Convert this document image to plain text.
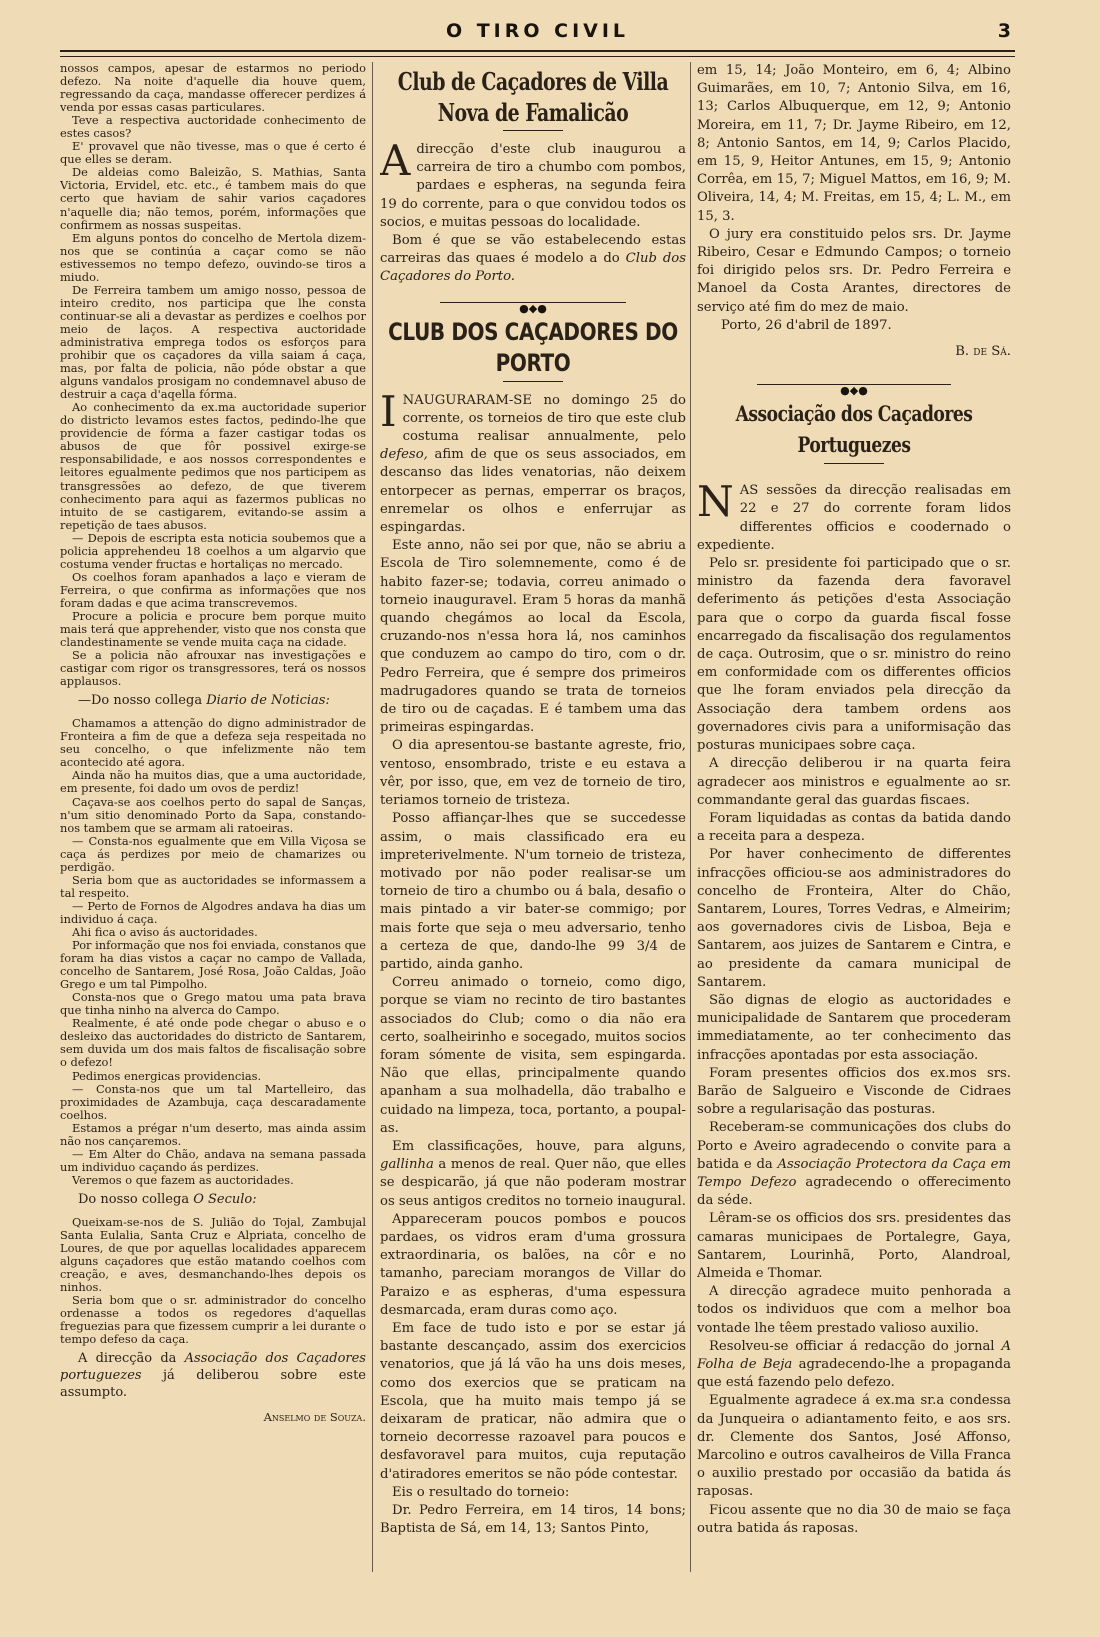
O TIRO CIVIL	3

nossos campos, apesar de estarmos no periodo defezo. Na noite d'aquelle dia houve quem, regressando da caça, mandasse offerecer perdizes á venda por essas casas particulares.

Teve a respectiva auctoridade conhecimento de estes casos?

E' provavel que não tivesse, mas o que é certo é que elles se deram.

De aldeias como Baleizão, S. Mathias, Santa Victoria, Ervidel, etc. etc., é tambem mais do que certo que haviam de sahir varios caçadores n'aquelle dia; não temos, porém, informações que confirmem as nossas suspeitas.

Em alguns pontos do concelho de Mertola dizem-nos que se continúa a caçar como se não estivessemos no tempo defezo, ouvindo-se tiros a miudo.

De Ferreira tambem um amigo nosso, pessoa de inteiro credito, nos participa que lhe consta continuar-se ali a devastar as perdizes e coelhos por meio de laços. A respectiva auctoridade administrativa emprega todos os esforços para prohibir que os caçadores da villa saiam á caça, mas, por falta de policia, não póde obstar a que alguns vandalos prosigam no condemnavel abuso de destruir a caça d'aqella fórma.

Ao conhecimento da ex.ma auctoridade superior do districto levamos estes factos, pedindo-lhe que providencie de fórma a fazer castigar todas os abusos de que fôr possivel exirge-se responsabilidade, e aos nossos correspondentes e leitores egualmente pedimos que nos participem as transgressões ao defezo, de que tiverem conhecimento para aqui as fazermos publicas no intuito de se castigarem, evitando-se assim a repetição de taes abusos.

— Depois de escripta esta noticia soubemos que a policia apprehendeu 18 coelhos a um algarvio que costuma vender fructas e hortaliças no mercado.

Os coelhos foram apanhados a laço e vieram de Ferreira, o que confirma as informações que nos foram dadas e que acima transcrevemos.

Procure a policia e procure bem porque muito mais terá que apprehender, visto que nos consta que clandestinamente se vende muita caça na cidade.

Se a policia não afrouxar nas investigações e castigar com rigor os transgressores, terá os nossos applausos.

—Do nosso collega Diario de Noticias:

Chamamos a attenção do digno administrador de Fronteira a fim de que a defeza seja respeitada no seu concelho, o que infelizmente não tem acontecido até agora.

Ainda não ha muitos dias, que a uma auctoridade, em presente, foi dado um ovos de perdiz!

Caçava-se aos coelhos perto do sapal de Sanças, n'um sitio denominado Porto da Sapa, constando-nos tambem que se armam ali ratoeiras.

— Consta-nos egualmente que em Villa Viçosa se caça ás perdizes por meio de chamarizes ou perdigão.

Seria bom que as auctoridades se informassem a tal respeito.

— Perto de Fornos de Algodres andava ha dias um individuo á caça.

Ahi fica o aviso ás auctoridades.

Por informação que nos foi enviada, constanos que foram ha dias vistos a caçar no campo de Vallada, concelho de Santarem, José Rosa, João Caldas, João Grego e um tal Pimpolho.

Consta-nos que o Grego matou uma pata brava que tinha ninho na alverca do Campo.

Realmente, é até onde pode chegar o abuso e o desleixo das auctoridades do districto de Santarem, sem duvida um dos mais faltos de fiscalisação sobre o defezo!

Pedimos energicas providencias.

— Consta-nos que um tal Martelleiro, das proximidades de Azambuja, caça descaradamente coelhos.

Estamos a prégar n'um deserto, mas ainda assim não nos cançaremos.

— Em Alter do Chão, andava na semana passada um individuo caçando ás perdizes.

Veremos o que fazem as auctoridades.

Do nosso collega O Seculo:

Queixam-se-nos de S. Julião do Tojal, Zambujal Santa Eulalia, Santa Cruz e Alpriata, concelho de Loures, de que por aquellas localidades apparecem alguns caçadores que estão matando coelhos com creação, e aves, desmanchando-lhes depois os ninhos.

Seria bom que o sr. administrador do concelho ordenasse a todos os regedores d'aquellas freguezias para que fizessem cumprir a lei durante o tempo defeso da caça.

A direcção da Associação dos Caçadores portuguezes já deliberou sobre este assumpto.

Anselmo de Souza.

Club de Caçadores de Villa Nova de Famalicão

A direcção d'este club inaugurou a carreira de tiro a chumbo com pombos, pardaes e espheras, na segunda feira 19 do corrente, para o que convidou todos os socios, e muitas pessoas do localidade.

Bom é que se vão estabelecendo estas carreiras das quaes é modelo a do Club dos Caçadores do Porto.

●◆●
CLUB DOS CAÇADORES DO PORTO

INAUGURARAM-SE no domingo 25 do corrente, os torneios de tiro que este club costuma realisar annualmente, pelo defeso, afim de que os seus associados, em descanso das lides venatorias, não deixem entorpecer as pernas, emperrar os braços, enremelar os olhos e enferrujar as espingardas.

Este anno, não sei por que, não se abriu a Escola de Tiro solemnemente, como é de habito fazer-se; todavia, correu animado o torneio inauguravel. Eram 5 horas da manhã quando chegámos ao local da Escola, cruzando-nos n'essa hora lá, nos caminhos que conduzem ao campo do tiro, com o dr. Pedro Ferreira, que é sempre dos primeiros madrugadores quando se trata de torneios de tiro ou de caçadas. E é tambem uma das primeiras espingardas.

O dia apresentou-se bastante agreste, frio, ventoso, ensombrado, triste e eu estava a vêr, por isso, que, em vez de torneio de tiro, teriamos torneio de tristeza.

Posso affiançar-lhes que se succedesse assim, o mais classificado era eu impreterivelmente. N'um torneio de tristeza, motivado por não poder realisar-se um torneio de tiro a chumbo ou á bala, desafio o mais pintado a vir bater-se commigo; por mais forte que seja o meu adversario, tenho a certeza de que, dando-lhe 99 3/4 de partido, ainda ganho.

Correu animado o torneio, como digo, porque se viam no recinto de tiro bastantes associados do Club; como o dia não era certo, soalheirinho e socegado, muitos socios foram sómente de visita, sem espingarda. Não que ellas, principalmente quando apanham a sua molhadella, dão trabalho e cuidado na limpeza, toca, portanto, a poupal-as.

Em classificações, houve, para alguns, gallinha a menos de real. Quer não, que elles se despicarão, já que não poderam mostrar os seus antigos creditos no torneio inaugural.

Appareceram poucos pombos e poucos pardaes, os vidros eram d'uma grossura extraordinaria, os balões, na côr e no tamanho, pareciam morangos de Villar do Paraizo e as espheras, d'uma espessura desmarcada, eram duras como aço.

Em face de tudo isto e por se estar já bastante descançado, assim dos exercicios venatorios, que já lá vão ha uns dois meses, como dos exercios que se praticam na Escola, que ha muito mais tempo já se deixaram de praticar, não admira que o torneio decorresse razoavel para poucos e desfavoravel para muitos, cuja reputação d'atiradores emeritos se não póde contestar.

Eis o resultado do torneio:

Dr. Pedro Ferreira, em 14 tiros, 14 bons; Baptista de Sá, em 14, 13; Santos Pinto,

em 15, 14; João Monteiro, em 6, 4; Albino Guimarães, em 10, 7; Antonio Silva, em 16, 13; Carlos Albuquerque, em 12, 9; Antonio Moreira, em 11, 7; Dr. Jayme Ribeiro, em 12, 8; Antonio Santos, em 14, 9; Carlos Placido, em 15, 9, Heitor Antunes, em 15, 9; Antonio Corrêa, em 15, 7; Miguel Mattos, em 16, 9; M. Oliveira, 14, 4; M. Freitas, em 15, 4; L. M., em 15, 3.

O jury era constituido pelos srs. Dr. Jayme Ribeiro, Cesar e Edmundo Campos; o torneio foi dirigido pelos srs. Dr. Pedro Ferreira e Manoel da Costa Arantes, directores de serviço até fim do mez de maio.

Porto, 26 d'abril de 1897.

B. de Sá.

●◆●
Associação dos Caçadores Portuguezes

NAS sessões da direcção realisadas em 22 e 27 do corrente foram lidos differentes officios e coodernado o expediente.

Pelo sr. presidente foi participado que o sr. ministro da fazenda dera favoravel deferimento ás petições d'esta Associação para que o corpo da guarda fiscal fosse encarregado da fiscalisação dos regulamentos de caça. Outrosim, que o sr. ministro do reino em conformidade com os differentes officios que lhe foram enviados pela direcção da Associação dera tambem ordens aos governadores civis para a uniformisação das posturas municipaes sobre caça.

A direcção deliberou ir na quarta feira agradecer aos ministros e egualmente ao sr. commandante geral das guardas fiscaes.

Foram liquidadas as contas da batida dando a receita para a despeza.

Por haver conhecimento de differentes infracções officiou-se aos administradores do concelho de Fronteira, Alter do Chão, Santarem, Loures, Torres Vedras, e Almeirim; aos governadores civis de Lisboa, Beja e Santarem, aos juizes de Santarem e Cintra, e ao presidente da camara municipal de Santarem.

São dignas de elogio as auctoridades e municipalidade de Santarem que procederam immediatamente, ao ter conhecimento das infracções apontadas por esta associação.

Foram presentes officios dos ex.mos srs. Barão de Salgueiro e Visconde de Cidraes sobre a regularisação das posturas.

Receberam-se communicações dos clubs do Porto e Aveiro agradecendo o convite para a batida e da Associação Protectora da Caça em Tempo Defezo agradecendo o offerecimento da séde.

Lêram-se os officios dos srs. presidentes das camaras municipaes de Portalegre, Gaya, Santarem, Lourinhã, Porto, Alandroal, Almeida e Thomar.

A direcção agradece muito penhorada a todos os individuos que com a melhor boa vontade lhe têem prestado valioso auxilio.

Resolveu-se officiar á redacção do jornal A Folha de Beja agradecendo-lhe a propaganda que está fazendo pelo defezo.

Egualmente agradece á ex.ma sr.a condessa da Junqueira o adiantamento feito, e aos srs. dr. Clemente dos Santos, José Affonso, Marcolino e outros cavalheiros de Villa Franca o auxilio prestado por occasião da batida ás raposas.

Ficou assente que no dia 30 de maio se faça outra batida ás raposas.
